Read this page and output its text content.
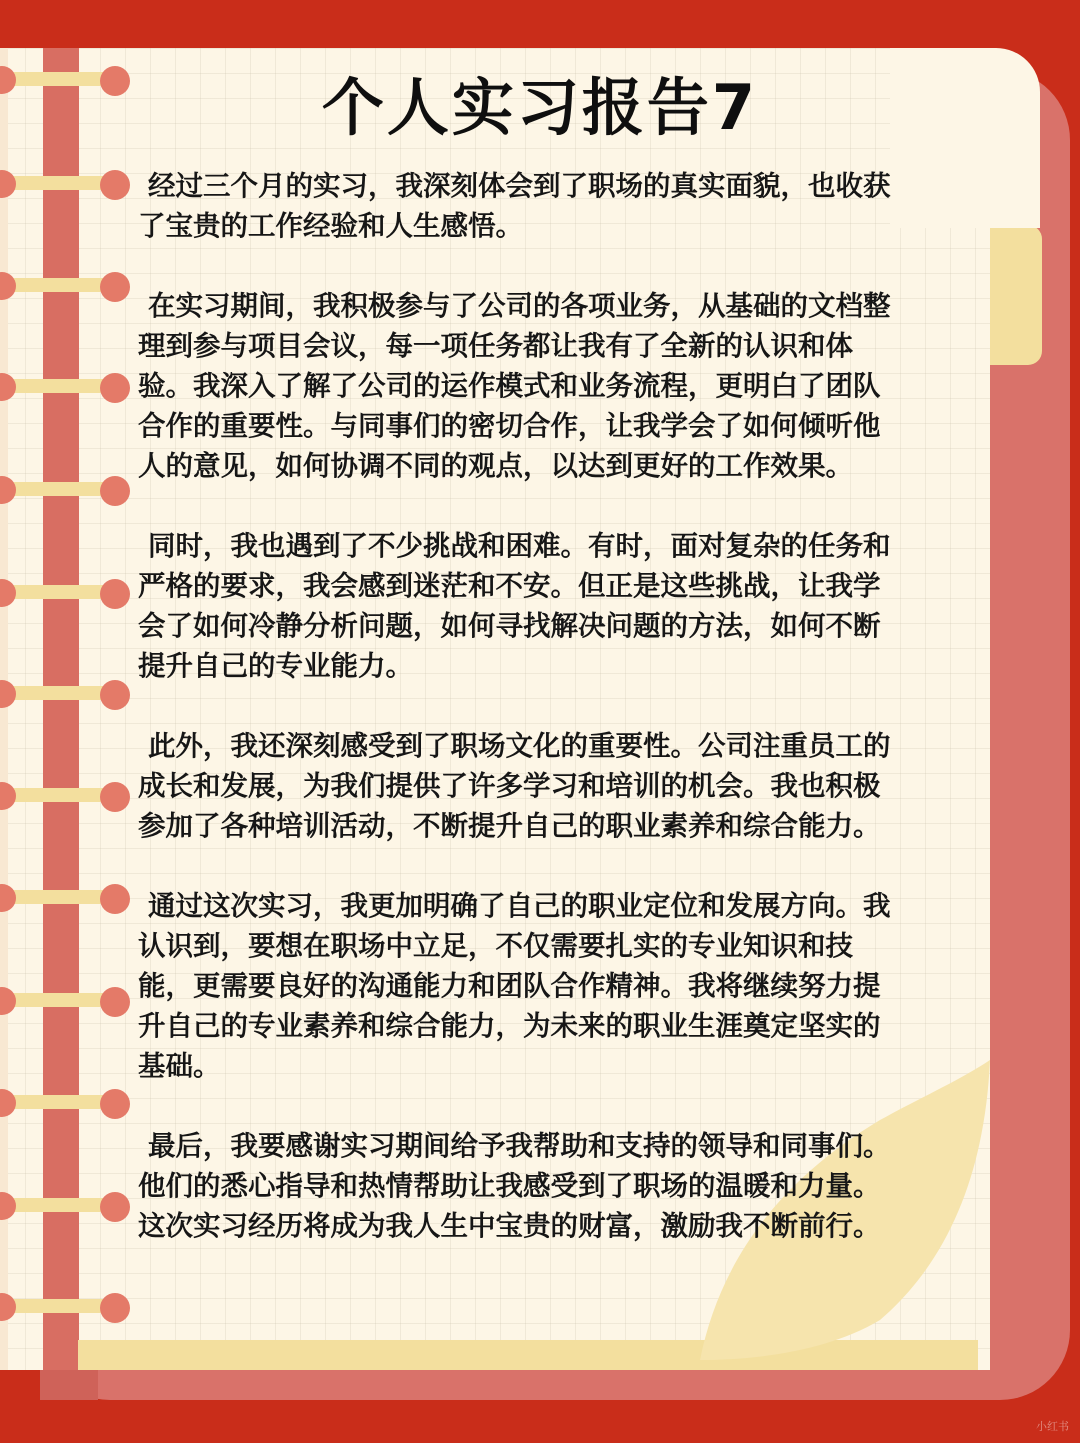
个人实习报告7

经过三个月的实习，我深刻体会到了职场的真实面貌，也收获
了宝贵的工作经验和人生感悟。

在实习期间，我积极参与了公司的各项业务，从基础的文档整
理到参与项目会议，每一项任务都让我有了全新的认识和体
验。我深入了解了公司的运作模式和业务流程，更明白了团队
合作的重要性。与同事们的密切合作，让我学会了如何倾听他
人的意见，如何协调不同的观点，以达到更好的工作效果。

同时，我也遇到了不少挑战和困难。有时，面对复杂的任务和
严格的要求，我会感到迷茫和不安。但正是这些挑战，让我学
会了如何冷静分析问题，如何寻找解决问题的方法，如何不断
提升自己的专业能力。

此外，我还深刻感受到了职场文化的重要性。公司注重员工的
成长和发展，为我们提供了许多学习和培训的机会。我也积极
参加了各种培训活动，不断提升自己的职业素养和综合能力。

通过这次实习，我更加明确了自己的职业定位和发展方向。我
认识到，要想在职场中立足，不仅需要扎实的专业知识和技
能，更需要良好的沟通能力和团队合作精神。我将继续努力提
升自己的专业素养和综合能力，为未来的职业生涯奠定坚实的
基础。

最后，我要感谢实习期间给予我帮助和支持的领导和同事们。
他们的悉心指导和热情帮助让我感受到了职场的温暖和力量。
这次实习经历将成为我人生中宝贵的财富，激励我不断前行。

小红书
